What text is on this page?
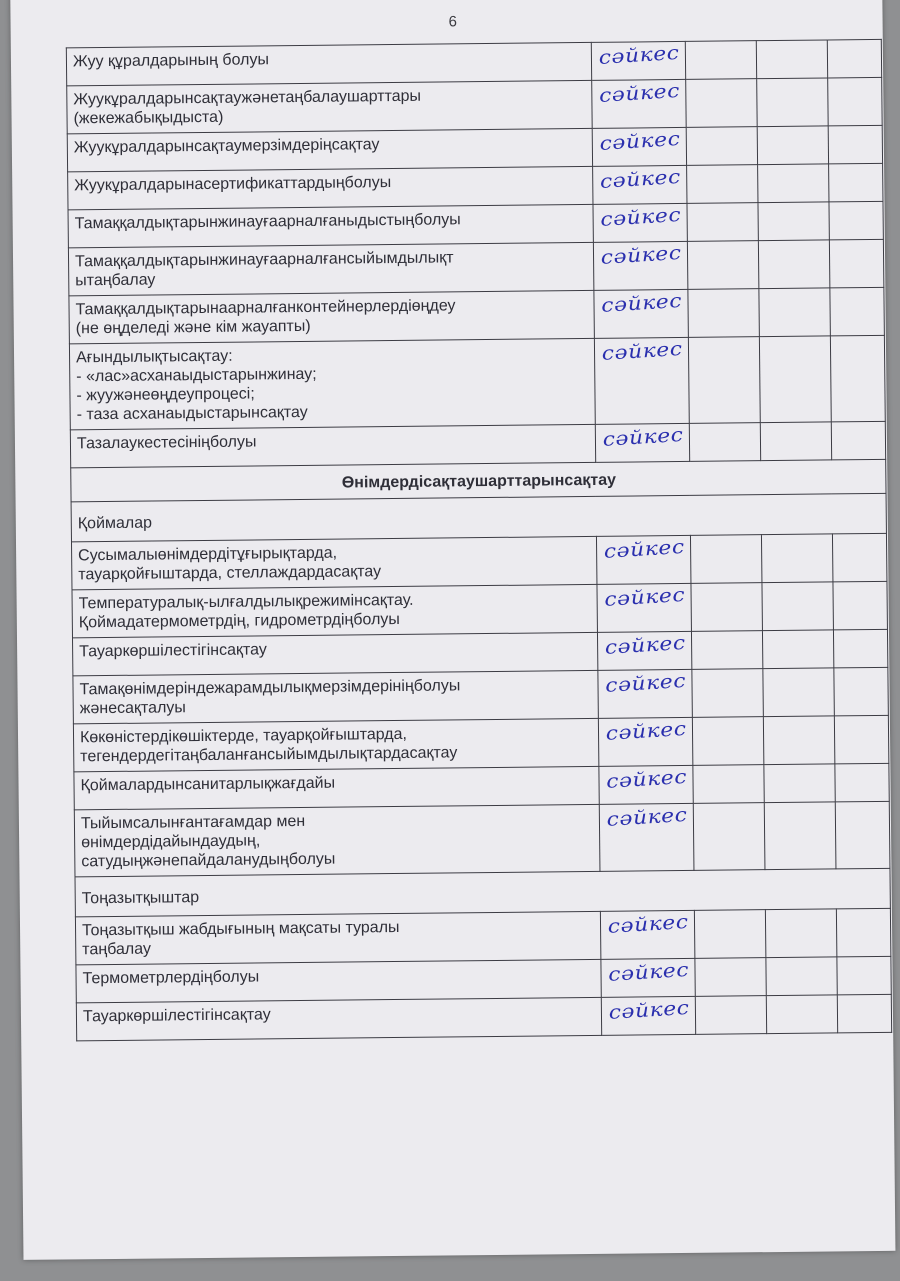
6
Жуу құралдарының болуы	сәйкес			
Жуукұралдарынсақтаужәнетаңбалаушарттары
(жекежабықыдыста)	сәйкес			
Жуукұралдарынсақтаумерзімдеріңсақтау	сәйкес			
Жуукұралдарынасертификаттардыңболуы	сәйкес			
Тамаққалдықтарынжинауғаарналғаныдыстыңболуы	сәйкес			
Тамаққалдықтарынжинауғаарналғансыйымдылықт
ытаңбалау	сәйкес			
Тамаққалдықтарынаарналғанконтейнерлердіөңдеу
(не өңделеді және кім жауапты)	сәйкес			
Ағындылықтысақтау:
- «лас»асханаыдыстарынжинау;
- жуужәнеөңдеупроцесі;
- таза асханаыдыстарынсақтау	сәйкес			
Тазалаукестесініңболуы	сәйкес			
Өнімдердісақтаушарттарынсақтау				
Қоймалар				
Сусымалыөнімдердітұғырықтарда,
тауарқойғыштарда, стеллаждардасақтау	сәйкес			
Температуралық-ылғалдылықрежимінсақтау.
Қоймадатермометрдің, гидрометрдіңболуы	сәйкес			
Тауаркөршілестігінсақтау	сәйкес			
Тамақөнімдеріндежарамдылықмерзімдерініңболуы
жәнесақталуы	сәйкес			
Көкөністердікөшіктерде, тауарқойғыштарда,
тегендердегітаңбаланғансыйымдылықтардасақтау	сәйкес			
Қоймалардынсанитарлықжағдайы	сәйкес			
Тыйымсалынғантағамдар мен
өнімдердідайындаудың,
сатудыңжәнепайдаланудыңболуы	сәйкес			
Тоңазытқыштар				
Тоңазытқыш жабдығының мақсаты туралы
таңбалау	сәйкес			
Термометрлердіңболуы	сәйкес			
Тауаркөршілестігінсақтау	сәйкес			
